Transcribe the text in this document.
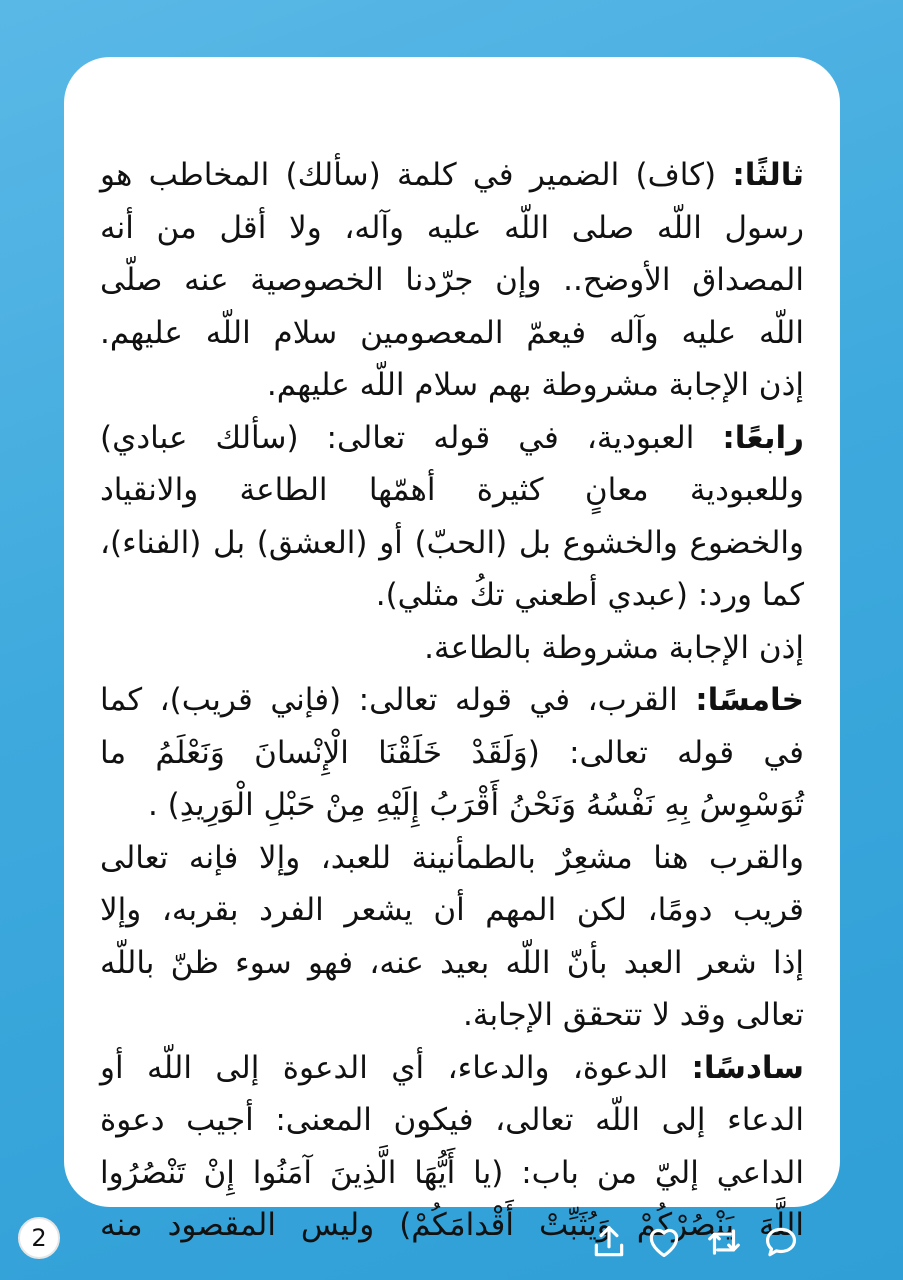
ثالثًا: (كاف) الضمير في كلمة (سألك) المخاطب هو
رسول اللّه صلى اللّه عليه وآله، ولا أقل من أنه
المصداق الأوضح.. وإن جرّدنا الخصوصية عنه صلّى
اللّه عليه وآله فيعمّ المعصومين سلام اللّه عليهم.
إذن الإجابة مشروطة بهم سلام اللّه عليهم.
رابعًا: العبودية، في قوله تعالى: (سألك عبادي)
وللعبودية معانٍ كثيرة أهمّها الطاعة والانقياد
والخضوع والخشوع بل (الحبّ) أو (العشق) بل (الفناء)،
كما ورد: (عبدي أطعني تكُ مثلي).
إذن الإجابة مشروطة بالطاعة.
خامسًا: القرب، في قوله تعالى: (فإني قريب)، كما
في قوله تعالى: (وَلَقَدْ خَلَقْنَا الْإِنْسانَ وَنَعْلَمُ ما
تُوَسْوِسُ بِهِ نَفْسُهُ وَنَحْنُ أَقْرَبُ إِلَيْهِ مِنْ حَبْلِ الْوَرِيدِ) .
والقرب هنا مشعِرٌ بالطمأنينة للعبد، وإلا فإنه تعالى
قريب دومًا، لكن المهم أن يشعر الفرد بقربه، وإلا
إذا شعر العبد بأنّ اللّه بعيد عنه، فهو سوء ظنّ باللّه
تعالى وقد لا تتحقق الإجابة.
سادسًا: الدعوة، والدعاء، أي الدعوة إلى اللّه أو
الدعاء إلى اللّه تعالى، فيكون المعنى: أجيب دعوة
الداعي إليّ من باب: (يا أَيُّهَا الَّذِينَ آمَنُوا إِنْ تَنْصُرُوا
اللَّهَ يَنْصُرْكُمْ وَيُثَبِّتْ أَقْدامَكُمْ) وليس المقصود منه
2
